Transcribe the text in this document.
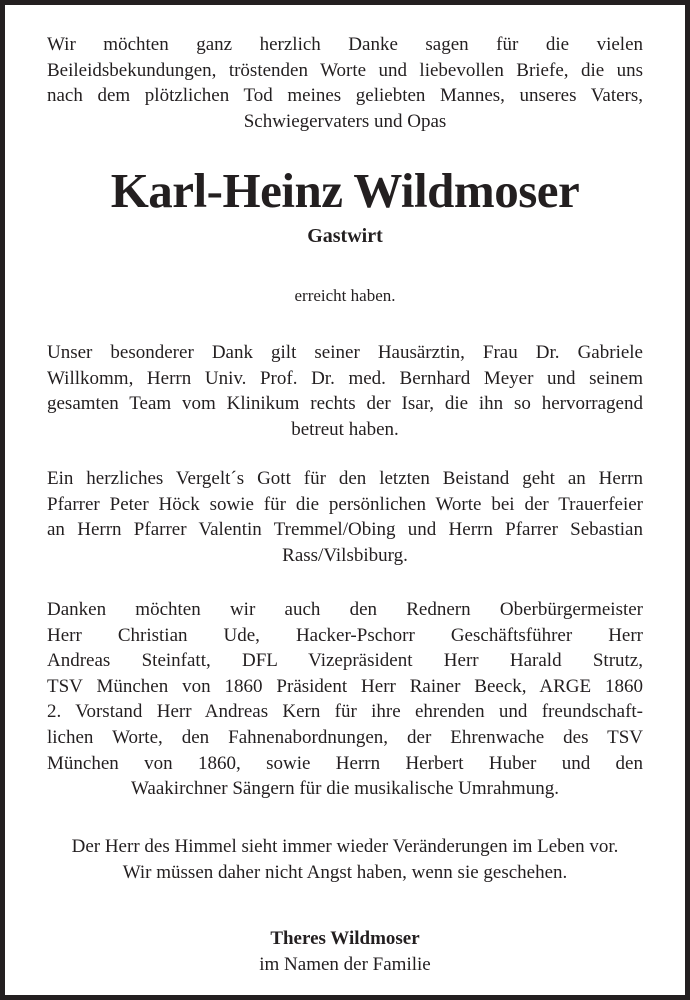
Wir möchten ganz herzlich Danke sagen für die vielen
Beileidsbekundungen, tröstenden Worte und liebevollen Briefe, die uns
nach dem plötzlichen Tod meines geliebten Mannes, unseres Vaters,
Schwiegervaters und Opas
Karl-Heinz Wildmoser
Gastwirt
erreicht haben.
Unser besonderer Dank gilt seiner Hausärztin, Frau Dr. Gabriele
Willkomm, Herrn Univ. Prof. Dr. med. Bernhard Meyer und seinem
gesamten Team vom Klinikum rechts der Isar, die ihn so hervorragend
betreut haben.
Ein herzliches Vergelt´s Gott für den letzten Beistand geht an Herrn
Pfarrer Peter Höck sowie für die persönlichen Worte bei der Trauerfeier
an Herrn Pfarrer Valentin Tremmel/Obing und Herrn Pfarrer Sebastian
Rass/Vilsbiburg.
Danken möchten wir auch den Rednern Oberbürgermeister
Herr Christian Ude, Hacker-Pschorr Geschäftsführer Herr
Andreas Steinfatt, DFL Vizepräsident Herr Harald Strutz,
TSV München von 1860 Präsident Herr Rainer Beeck, ARGE 1860
2. Vorstand Herr Andreas Kern für ihre ehrenden und freundschaft-
lichen Worte, den Fahnenabordnungen, der Ehrenwache des TSV
München von 1860, sowie Herrn Herbert Huber und den
Waakirchner Sängern für die musikalische Umrahmung.
Der Herr des Himmel sieht immer wieder Veränderungen im Leben vor.
Wir müssen daher nicht Angst haben, wenn sie geschehen.
Theres Wildmoser
im Namen der Familie
